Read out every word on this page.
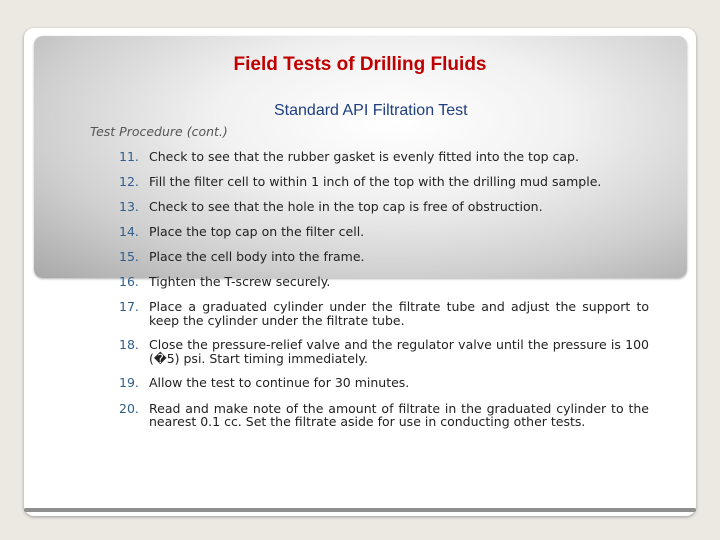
Field Tests of Drilling Fluids
Standard API Filtration Test
Test Procedure (cont.)
11. Check to see that the rubber gasket is evenly fitted into the top cap.
12. Fill the filter cell to within 1 inch of the top with the drilling mud sample.
13. Check to see that the hole in the top cap is free of obstruction.
14. Place the top cap on the filter cell.
15. Place the cell body into the frame.
16. Tighten the T-screw securely.
17. Place a graduated cylinder under the filtrate tube and adjust the support to keep the cylinder under the filtrate tube.
18. Close the pressure-relief valve and the regulator valve until the pressure is 100 (�5) psi. Start timing immediately.
19. Allow the test to continue for 30 minutes.
20. Read and make note of the amount of filtrate in the graduated cylinder to the nearest 0.1 cc. Set the filtrate aside for use in conducting other tests.
